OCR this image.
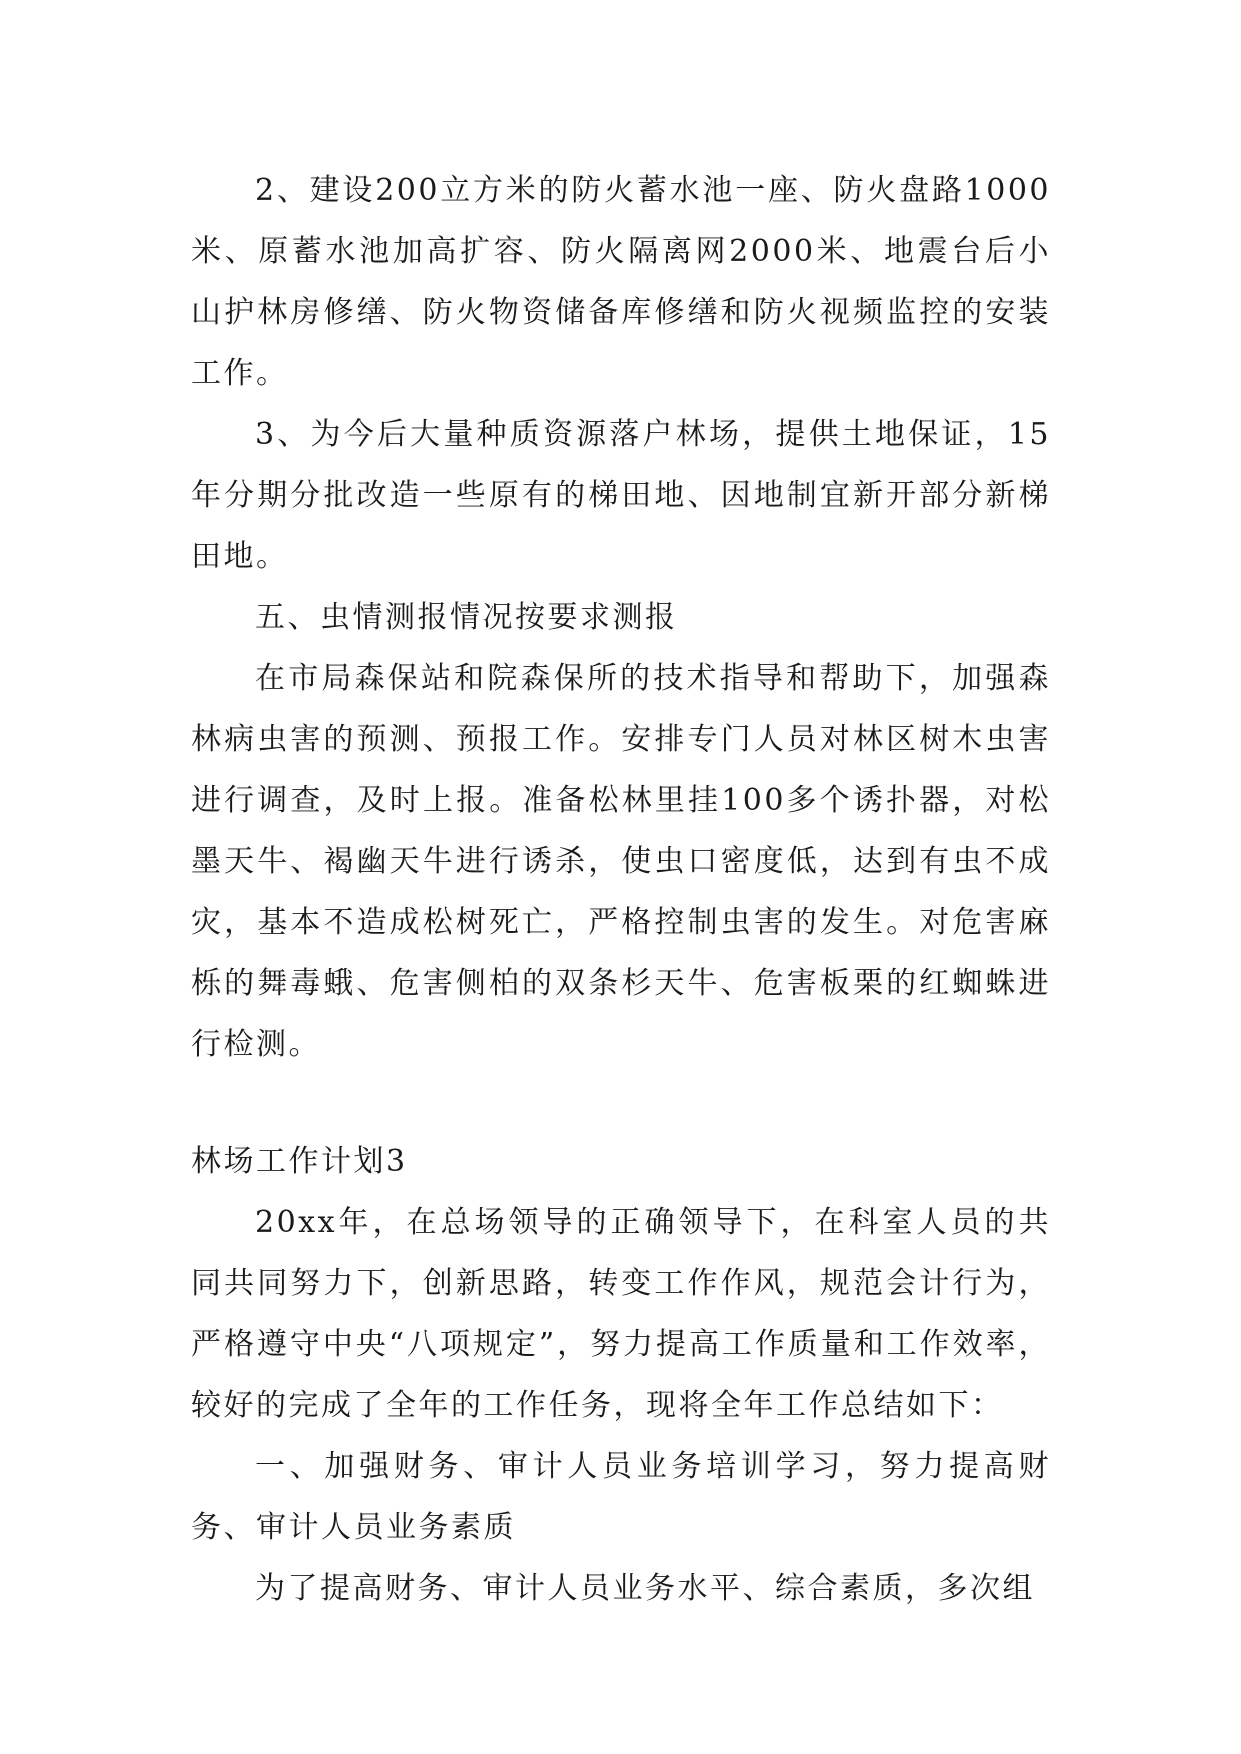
2、建设200立方米的防火蓄水池一座、防火盘路1000米、原蓄水池加高扩容、防火隔离网2000米、地震台后小山护林房修缮、防火物资储备库修缮和防火视频监控的安装工作。

3、为今后大量种质资源落户林场，提供土地保证，15年分期分批改造一些原有的梯田地、因地制宜新开部分新梯田地。

五、虫情测报情况按要求测报

在市局森保站和院森保所的技术指导和帮助下，加强森林病虫害的预测、预报工作。安排专门人员对林区树木虫害进行调查，及时上报。准备松林里挂100多个诱扑器，对松墨天牛、褐幽天牛进行诱杀，使虫口密度低，达到有虫不成灾，基本不造成松树死亡，严格控制虫害的发生。对危害麻栎的舞毒蛾、危害侧柏的双条杉天牛、危害板栗的红蜘蛛进行检测。

林场工作计划3

20xx年，在总场领导的正确领导下，在科室人员的共同共同努力下，创新思路，转变工作作风，规范会计行为，严格遵守中央“八项规定”，努力提高工作质量和工作效率，较好的完成了全年的工作任务，现将全年工作总结如下：

一、加强财务、审计人员业务培训学习，努力提高财务、审计人员业务素质

为了提高财务、审计人员业务水平、综合素质，多次组
